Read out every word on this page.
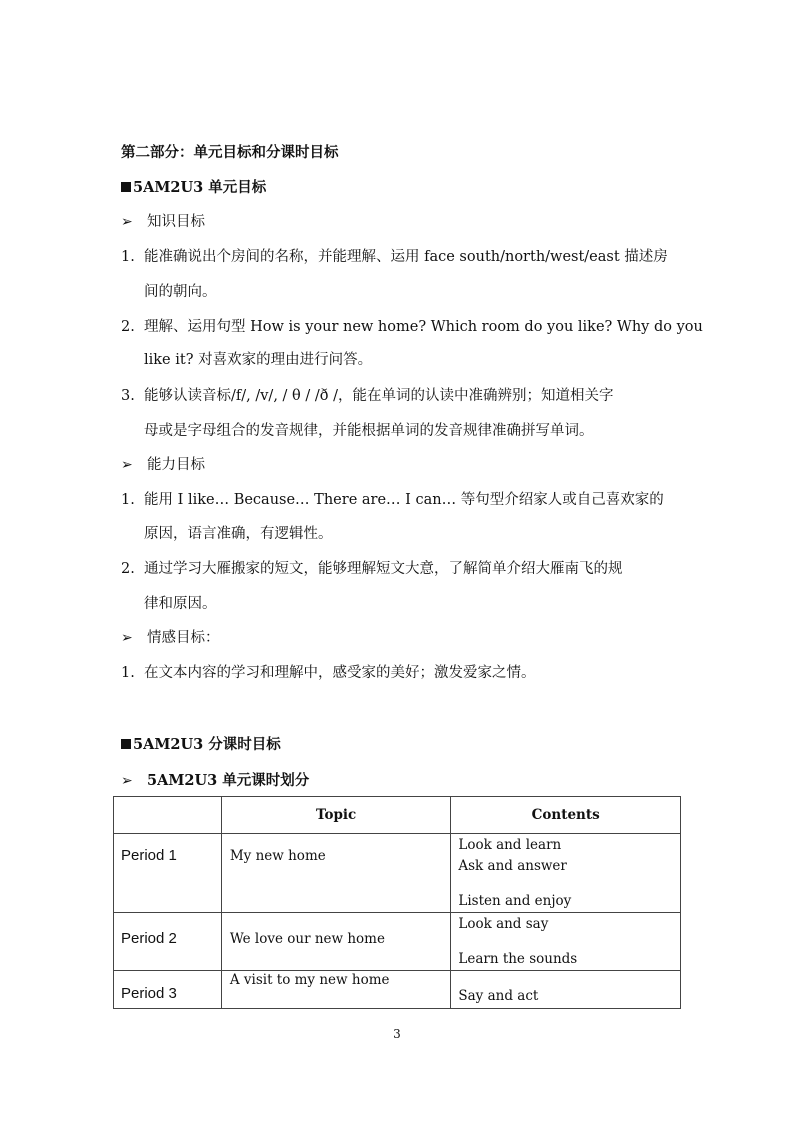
第二部分：单元目标和分课时目标
5AM2U3 单元目标
➢ 知识目标
1. 能准确说出个房间的名称，并能理解、运用 face south/north/west/east 描述房
间的朝向。
2. 理解、运用句型 How is your new home? Which room do you like? Why do you
like it? 对喜欢家的理由进行问答。
3. 能够认读音标/f/, /v/, / θ / /ð /，能在单词的认读中准确辨别；知道相关字
母或是字母组合的发音规律，并能根据单词的发音规律准确拼写单词。
➢ 能力目标
1. 能用 I like… Because… There are… I can… 等句型介绍家人或自己喜欢家的
原因，语言准确，有逻辑性。
2. 通过学习大雁搬家的短文，能够理解短文大意，了解简单介绍大雁南飞的规
律和原因。
➢ 情感目标：
1. 在文本内容的学习和理解中，感受家的美好；激发爱家之情。
5AM2U3 分课时目标
➢ 5AM2U3 单元课时划分
	Topic	Contents
Period 1	My new home	Look and learn
Ask and answer
Listen and enjoy

Period 2	We love our new home	Look and say
Learn the sounds

Period 3	A visit to my new home	Say and act
3
